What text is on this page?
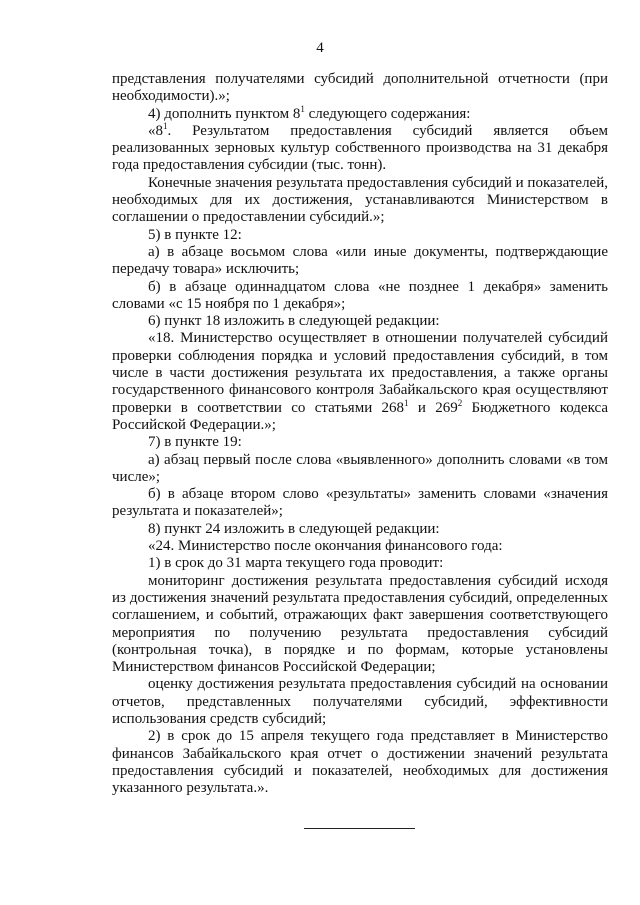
4

представления получателями субсидий дополнительной отчетности (при необходимости).»;

4) дополнить пунктом $8^1$ следующего содержания:

«$8^1$. Результатом предоставления субсидий является объем реализованных зерновых культур собственного производства на 31 декабря года предоставления субсидии (тыс. тонн).

Конечные значения результата предоставления субсидий и показателей, необходимых для их достижения, устанавливаются Министерством в соглашении о предоставлении субсидий.»;

5) в пункте 12:

а) в абзаце восьмом слова «или иные документы, подтверждающие передачу товара» исключить;

б) в абзаце одиннадцатом слова «не позднее 1 декабря» заменить словами «с 15 ноября по 1 декабря»;

6) пункт 18 изложить в следующей редакции:

«18. Министерство осуществляет в отношении получателей субсидий проверки соблюдения порядка и условий предоставления субсидий, в том числе в части достижения результата их предоставления, а также органы государственного финансового контроля Забайкальского края осуществляют проверки в соответствии со статьями $268^1$ и $269^2$ Бюджетного кодекса Российской Федерации.»;

7) в пункте 19:

а) абзац первый после слова «выявленного» дополнить словами «в том числе»;

б) в абзаце втором слово «результаты» заменить словами «значения результата и показателей»;

8) пункт 24 изложить в следующей редакции:

«24. Министерство после окончания финансового года:

1) в срок до 31 марта текущего года проводит:

мониторинг достижения результата предоставления субсидий исходя из достижения значений результата предоставления субсидий, определенных соглашением, и событий, отражающих факт завершения соответствующего мероприятия по получению результата предоставления субсидий (контрольная точка), в порядке и по формам, которые установлены Министерством финансов Российской Федерации;

оценку достижения результата предоставления субсидий на основании отчетов, представленных получателями субсидий, эффективности использования средств субсидий;

2) в срок до 15 апреля текущего года представляет в Министерство финансов Забайкальского края отчет о достижении значений результата предоставления субсидий и показателей, необходимых для достижения указанного результата.».
